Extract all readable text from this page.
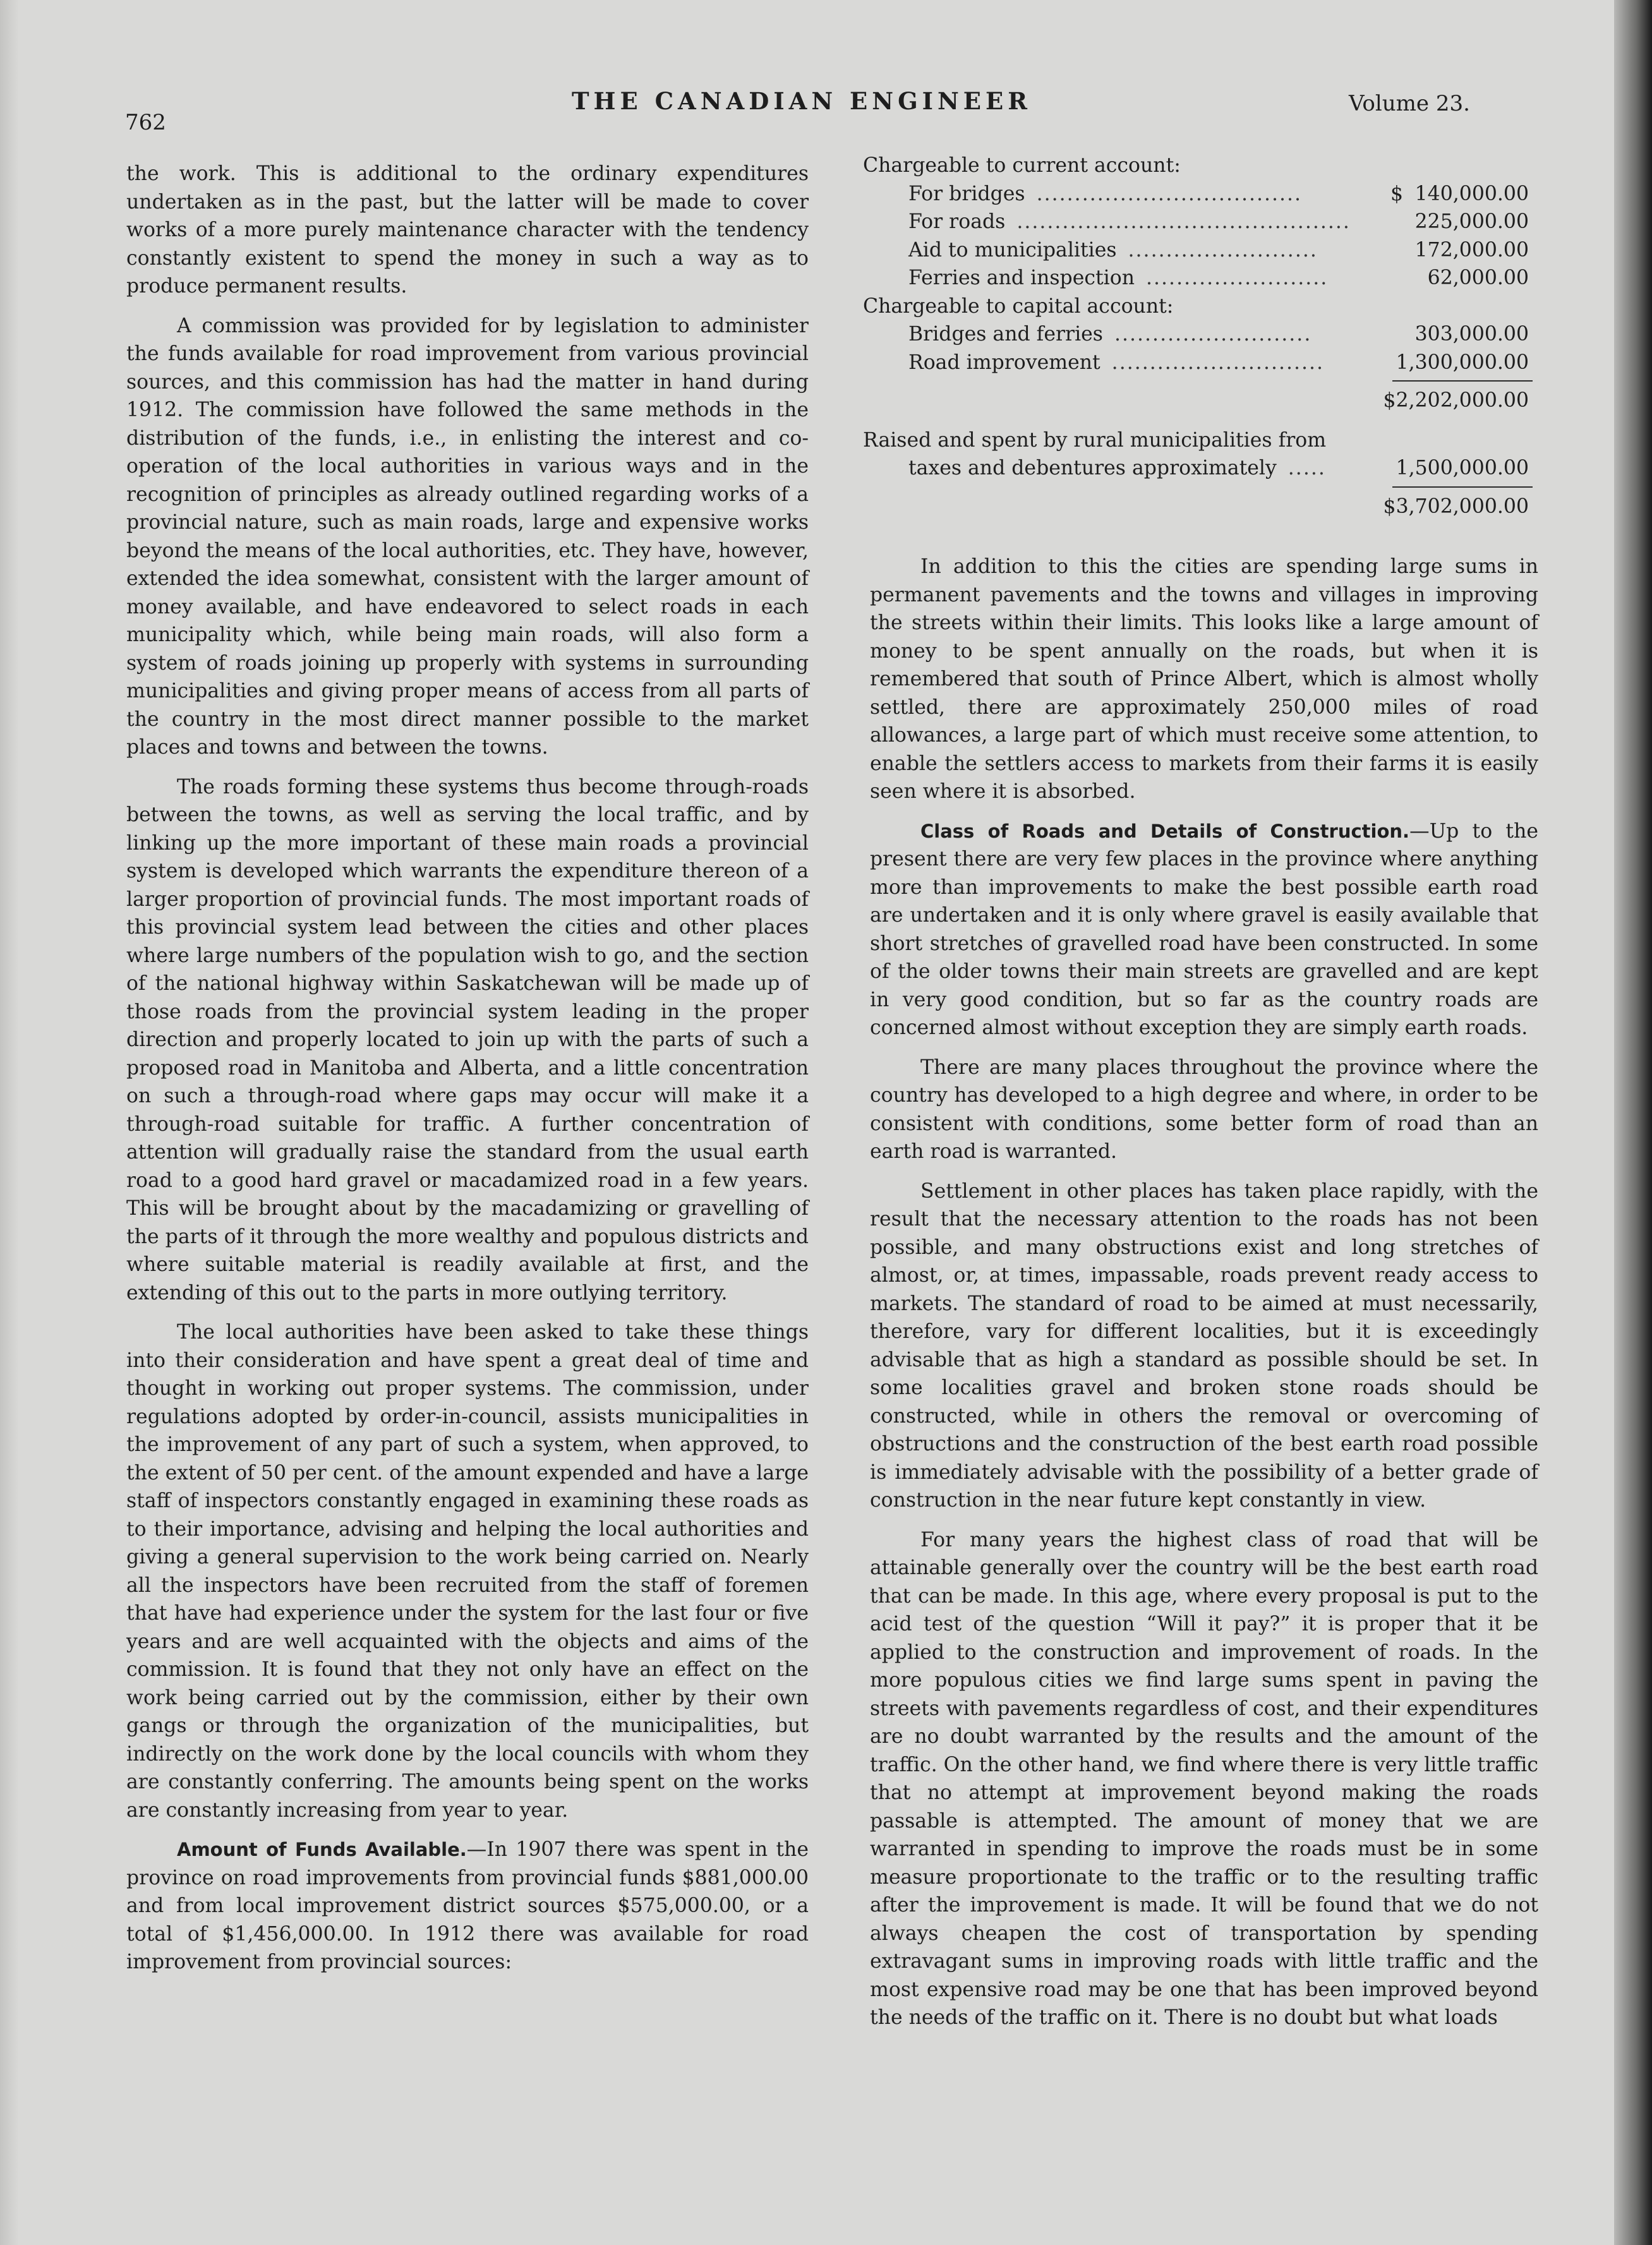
762
THE CANADIAN ENGINEER	Volume 23.

the work. This is additional to the ordinary expenditures undertaken as in the past, but the latter will be made to cover works of a more purely maintenance character with the tendency constantly existent to spend the money in such a way as to produce permanent results.

A commission was provided for by legislation to administer the funds available for road improvement from various provincial sources, and this commission has had the matter in hand during 1912. The commission have followed the same methods in the distribution of the funds, i.e., in enlisting the interest and co-operation of the local authorities in various ways and in the recognition of principles as already outlined regarding works of a provincial nature, such as main roads, large and expensive works beyond the means of the local authorities, etc. They have, however, extended the idea somewhat, consistent with the larger amount of money available, and have endeavored to select roads in each municipality which, while being main roads, will also form a system of roads joining up properly with systems in surrounding municipalities and giving proper means of access from all parts of the country in the most direct manner possible to the market places and towns and between the towns.

The roads forming these systems thus become through-roads between the towns, as well as serving the local traffic, and by linking up the more important of these main roads a provincial system is developed which warrants the expenditure thereon of a larger proportion of provincial funds. The most important roads of this provincial system lead between the cities and other places where large numbers of the population wish to go, and the section of the national highway within Saskatchewan will be made up of those roads from the provincial system leading in the proper direction and properly located to join up with the parts of such a proposed road in Manitoba and Alberta, and a little concentration on such a through-road where gaps may occur will make it a through-road suitable for traffic. A further concentration of attention will gradually raise the standard from the usual earth road to a good hard gravel or macadamized road in a few years. This will be brought about by the macadamizing or gravelling of the parts of it through the more wealthy and populous districts and where suitable material is readily available at first, and the extending of this out to the parts in more outlying territory.

The local authorities have been asked to take these things into their consideration and have spent a great deal of time and thought in working out proper systems. The commission, under regulations adopted by order-in-council, assists municipalities in the improvement of any part of such a system, when approved, to the extent of 50 per cent. of the amount expended and have a large staff of inspectors constantly engaged in examining these roads as to their importance, advising and helping the local authorities and giving a general supervision to the work being carried on. Nearly all the inspectors have been recruited from the staff of foremen that have had experience under the system for the last four or five years and are well acquainted with the objects and aims of the commission. It is found that they not only have an effect on the work being carried out by the commission, either by their own gangs or through the organization of the municipalities, but indirectly on the work done by the local councils with whom they are constantly conferring. The amounts being spent on the works are constantly increasing from year to year.

Amount of Funds Available.—In 1907 there was spent in the province on road improvements from provincial funds $881,000.00 and from local improvement district sources $575,000.00, or a total of $1,456,000.00. In 1912 there was available for road improvement from provincial sources:

Chargeable to current account:
For bridges ...................................	$ 140,000.00
For roads ............................................	225,000.00
Aid to municipalities .........................	172,000.00
Ferries and inspection ........................	62,000.00
Chargeable to capital account:
Bridges and ferries ..........................	303,000.00
Road improvement ............................	1,300,000.00
$2,202,000.00
Raised and spent by rural municipalities from
taxes and debentures approximately .....	1,500,000.00
$3,702,000.00

In addition to this the cities are spending large sums in permanent pavements and the towns and villages in improving the streets within their limits. This looks like a large amount of money to be spent annually on the roads, but when it is remembered that south of Prince Albert, which is almost wholly settled, there are approximately 250,000 miles of road allowances, a large part of which must receive some attention, to enable the settlers access to markets from their farms it is easily seen where it is absorbed.

Class of Roads and Details of Construction.—Up to the present there are very few places in the province where anything more than improvements to make the best possible earth road are undertaken and it is only where gravel is easily available that short stretches of gravelled road have been constructed. In some of the older towns their main streets are gravelled and are kept in very good condition, but so far as the country roads are concerned almost without exception they are simply earth roads.

There are many places throughout the province where the country has developed to a high degree and where, in order to be consistent with conditions, some better form of road than an earth road is warranted.

Settlement in other places has taken place rapidly, with the result that the necessary attention to the roads has not been possible, and many obstructions exist and long stretches of almost, or, at times, impassable, roads prevent ready access to markets. The standard of road to be aimed at must necessarily, therefore, vary for different localities, but it is exceedingly advisable that as high a standard as possible should be set. In some localities gravel and broken stone roads should be constructed, while in others the removal or overcoming of obstructions and the construction of the best earth road possible is immediately advisable with the possibility of a better grade of construction in the near future kept constantly in view.

For many years the highest class of road that will be attainable generally over the country will be the best earth road that can be made. In this age, where every proposal is put to the acid test of the question “Will it pay?” it is proper that it be applied to the construction and improvement of roads. In the more populous cities we find large sums spent in paving the streets with pavements regardless of cost, and their expenditures are no doubt warranted by the results and the amount of the traffic. On the other hand, we find where there is very little traffic that no attempt at improvement beyond making the roads passable is attempted. The amount of money that we are warranted in spending to improve the roads must be in some measure proportionate to the traffic or to the resulting traffic after the improvement is made. It will be found that we do not always cheapen the cost of transportation by spending extravagant sums in improving roads with little traffic and the most expensive road may be one that has been improved beyond the needs of the traffic on it. There is no doubt but what loads
